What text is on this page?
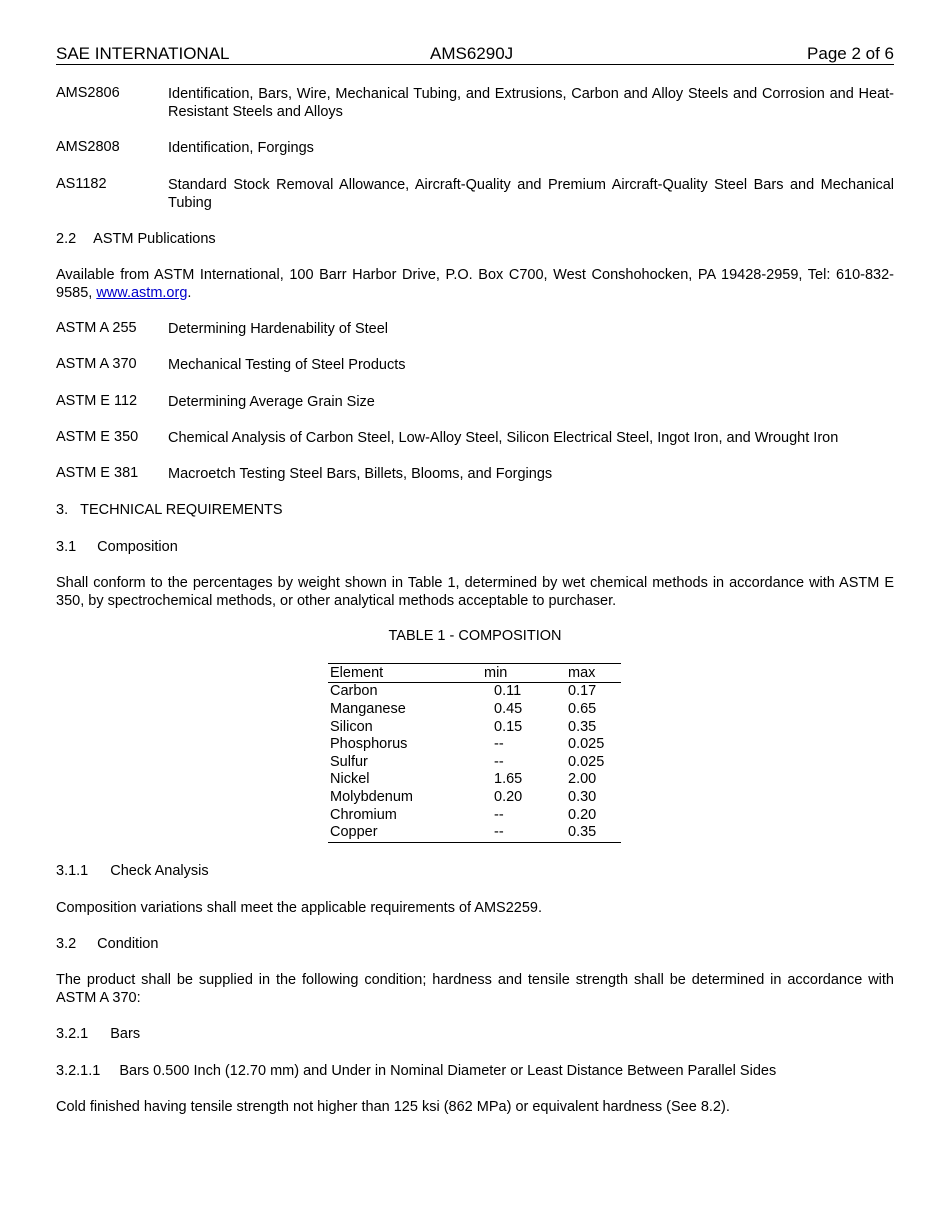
SAE INTERNATIONAL	AMS6290J	Page 2 of 6
AMS2806	Identification, Bars, Wire, Mechanical Tubing, and Extrusions, Carbon and Alloy Steels and Corrosion and Heat-Resistant Steels and Alloys
AMS2808	Identification, Forgings
AS1182	Standard Stock Removal Allowance, Aircraft-Quality and Premium Aircraft-Quality Steel Bars and Mechanical Tubing
2.2 ASTM Publications
Available from ASTM International, 100 Barr Harbor Drive, P.O. Box C700, West Conshohocken, PA 19428-2959, Tel: 610-832-9585, www.astm.org.
ASTM A 255 Determining Hardenability of Steel
ASTM A 370 Mechanical Testing of Steel Products
ASTM E 112 Determining Average Grain Size
ASTM E 350 Chemical Analysis of Carbon Steel, Low-Alloy Steel, Silicon Electrical Steel, Ingot Iron, and Wrought Iron
ASTM E 381 Macroetch Testing Steel Bars, Billets, Blooms, and Forgings
3. TECHNICAL REQUIREMENTS
3.1 Composition
Shall conform to the percentages by weight shown in Table 1, determined by wet chemical methods in accordance with ASTM E 350, by spectrochemical methods, or other analytical methods acceptable to purchaser.
TABLE 1 - COMPOSITION
Element	min	max
Carbon	0.11	0.17
Manganese	0.45	0.65
Silicon	0.15	0.35
Phosphorus	--	0.025
Sulfur	--	0.025
Nickel	1.65	2.00
Molybdenum	0.20	0.30
Chromium	--	0.20
Copper	--	0.35
3.1.1 Check Analysis
Composition variations shall meet the applicable requirements of AMS2259.
3.2 Condition
The product shall be supplied in the following condition; hardness and tensile strength shall be determined in accordance with ASTM A 370:
3.2.1 Bars
3.2.1.1 Bars 0.500 Inch (12.70 mm) and Under in Nominal Diameter or Least Distance Between Parallel Sides
Cold finished having tensile strength not higher than 125 ksi (862 MPa) or equivalent hardness (See 8.2).
